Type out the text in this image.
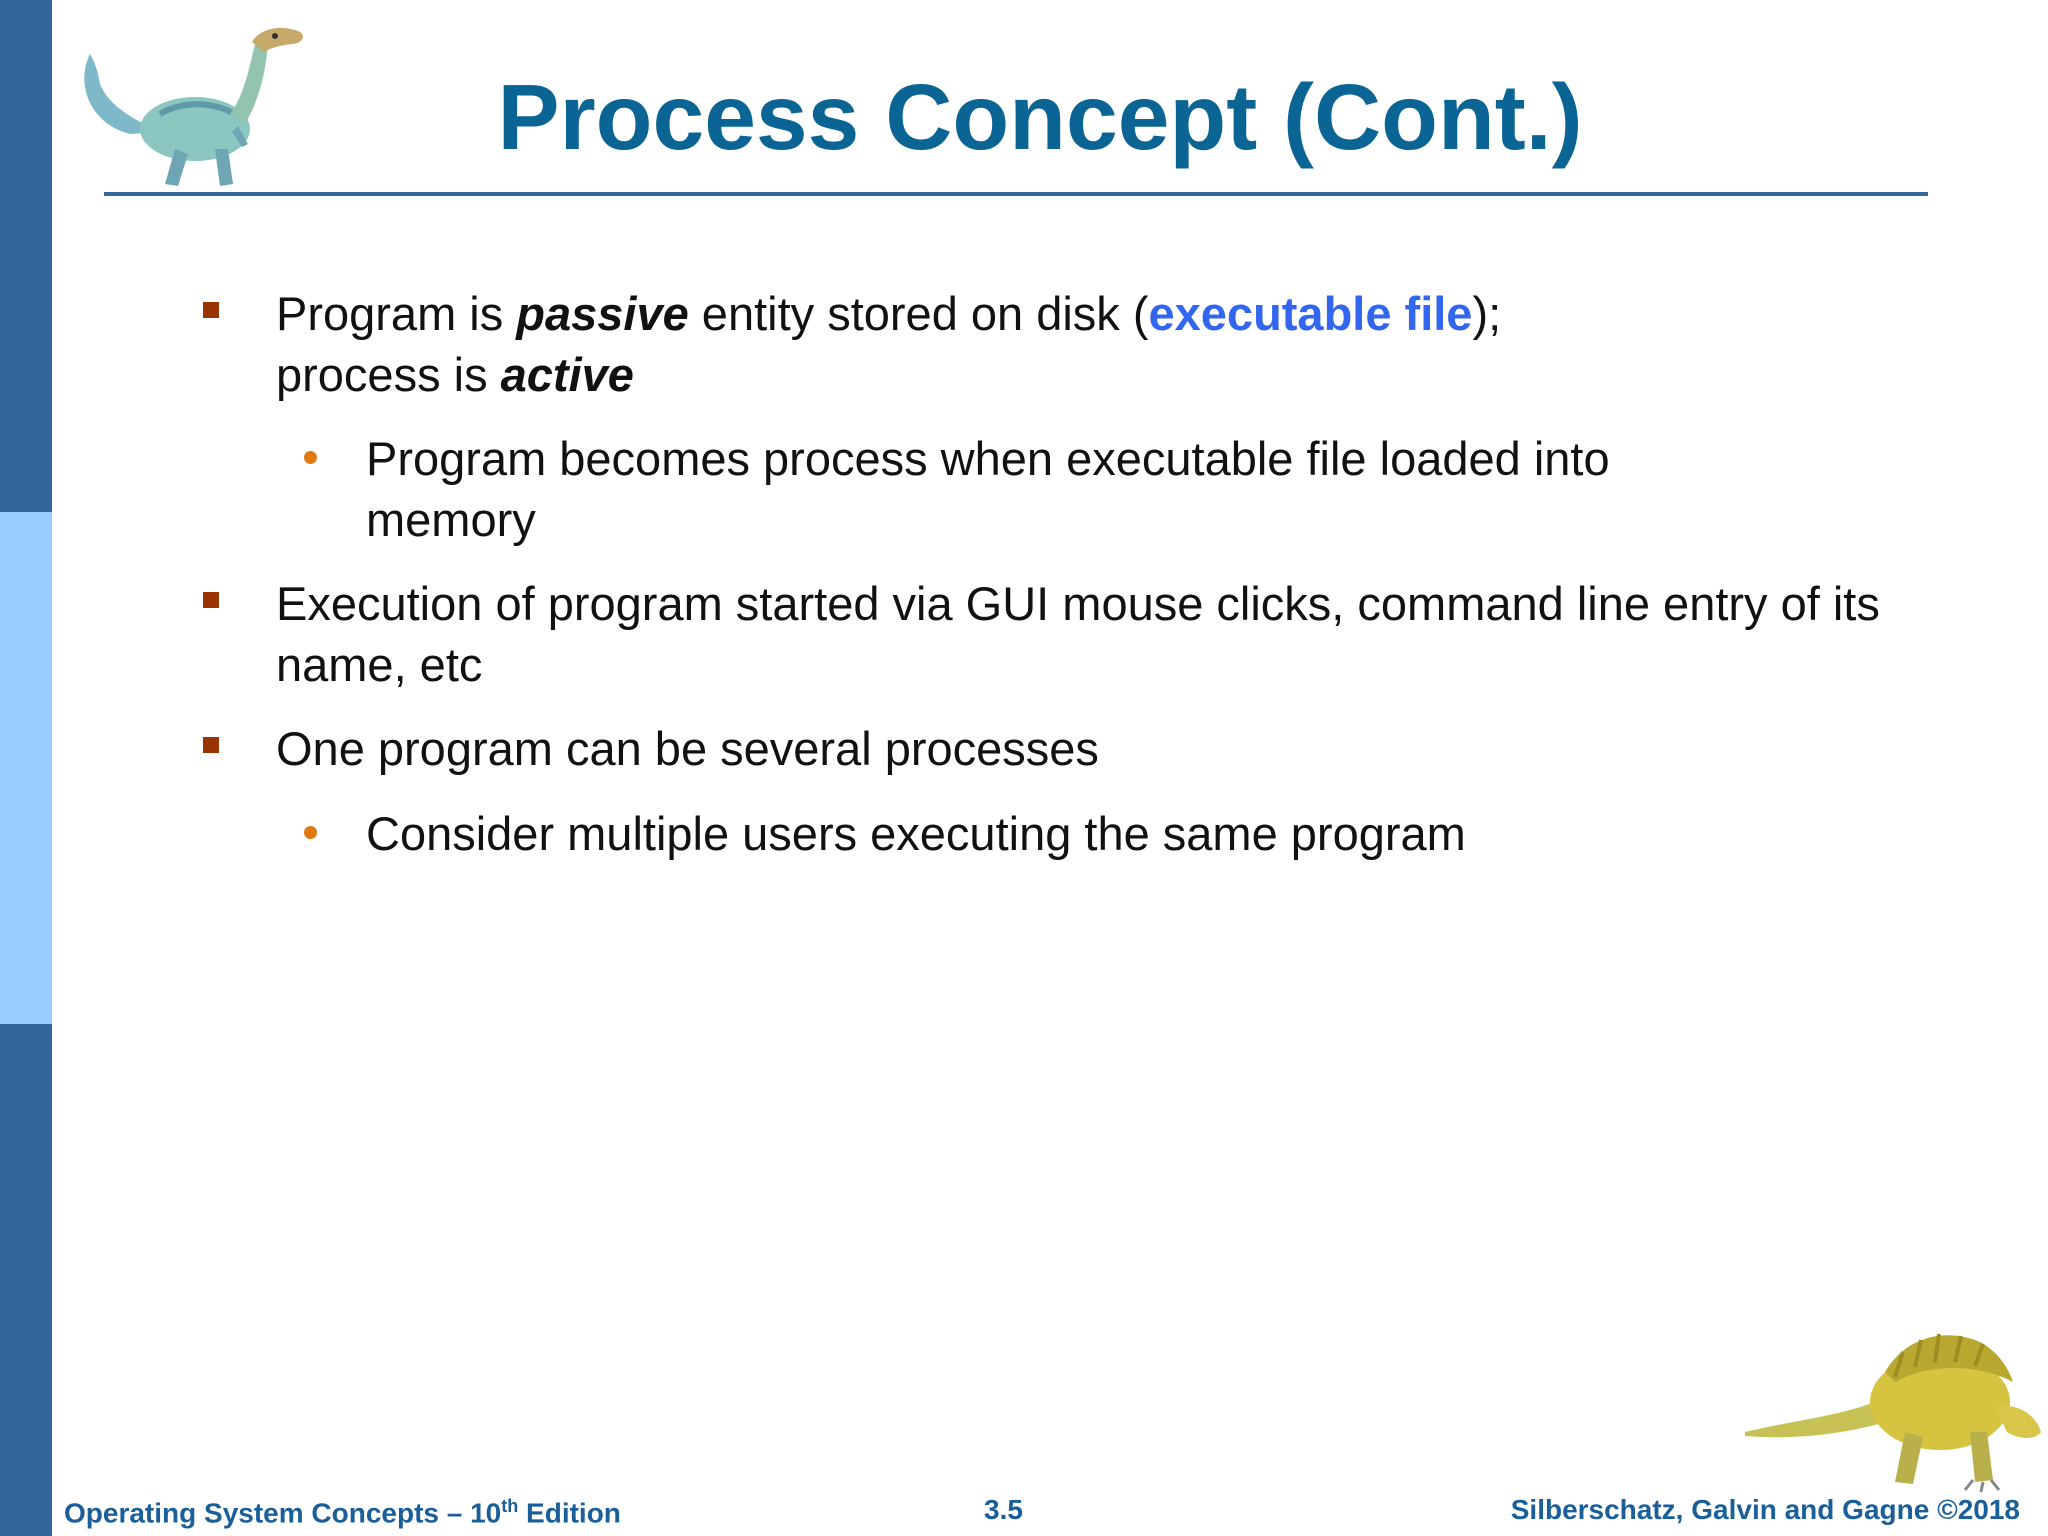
Process Concept (Cont.)
Program is passive entity stored on disk (executable file);
process is active
Program becomes process when executable file loaded into memory
Execution of program started via GUI mouse clicks, command line entry of its name, etc
One program can be several processes
Consider multiple users executing the same program
Operating System Concepts – 10th Edition	3.5	Silberschatz, Galvin and Gagne ©2018
